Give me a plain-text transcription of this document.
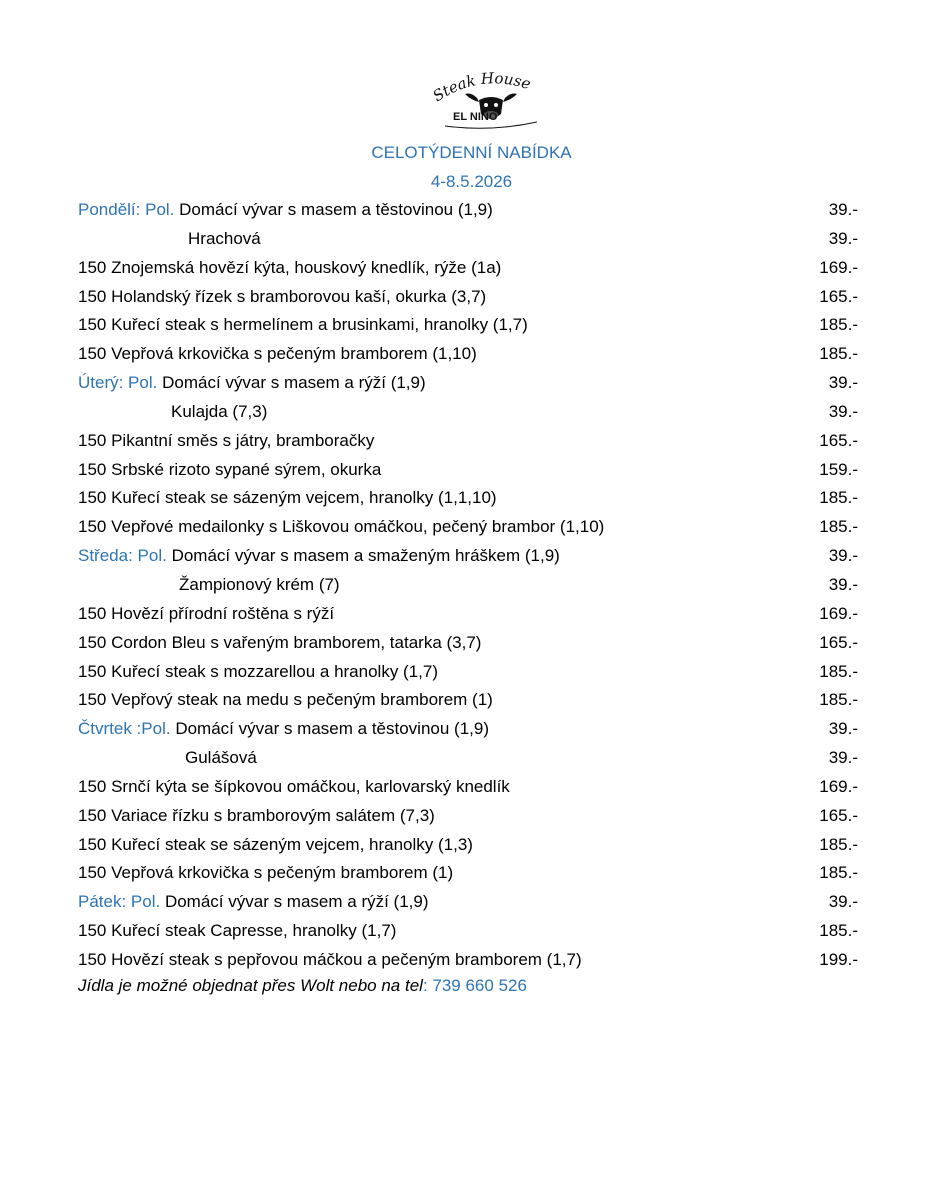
Steak House
EL NIÑO
CELOTÝDENNÍ NABÍDKA
4-8.5.2026
Pondělí: Pol. Domácí vývar s masem a těstovinou (1,9)	39.-
Hrachová	39.-
150 Znojemská hovězí kýta, houskový knedlík, rýže (1a)	169.-
150 Holandský řízek s bramborovou kaší, okurka (3,7)	165.-
150 Kuřecí steak s hermelínem a brusinkami, hranolky (1,7)	185.-
150 Vepřová krkovička s pečeným bramborem (1,10)	185.-
Úterý: Pol. Domácí vývar s masem a rýží (1,9)	39.-
Kulajda (7,3)	39.-
150 Pikantní směs s játry, bramboračky	165.-
150 Srbské rizoto sypané sýrem, okurka	159.-
150 Kuřecí steak se sázeným vejcem, hranolky (1,1,10)	185.-
150 Vepřové medailonky s Liškovou omáčkou, pečený brambor (1,10)	185.-
Středa: Pol. Domácí vývar s masem a smaženým hráškem (1,9)	39.-
Žampionový krém (7)	39.-
150 Hovězí přírodní roštěna s rýží	169.-
150 Cordon Bleu s vařeným bramborem, tatarka (3,7)	165.-
150 Kuřecí steak s mozzarellou a hranolky (1,7)	185.-
150 Vepřový steak na medu s pečeným bramborem (1)	185.-
Čtvrtek :Pol. Domácí vývar s masem a těstovinou (1,9)	39.-
Gulášová	39.-
150 Srnčí kýta se šípkovou omáčkou, karlovarský knedlík	169.-
150 Variace řízku s bramborovým salátem (7,3)	165.-
150 Kuřecí steak se sázeným vejcem, hranolky (1,3)	185.-
150 Vepřová krkovička s pečeným bramborem (1)	185.-
Pátek: Pol. Domácí vývar s masem a rýží (1,9)	39.-
150 Kuřecí steak Capresse, hranolky (1,7)	185.-
150 Hovězí steak s pepřovou máčkou a pečeným bramborem (1,7)	199.-
Jídla je možné objednat přes Wolt nebo na tel: 739 660 526
